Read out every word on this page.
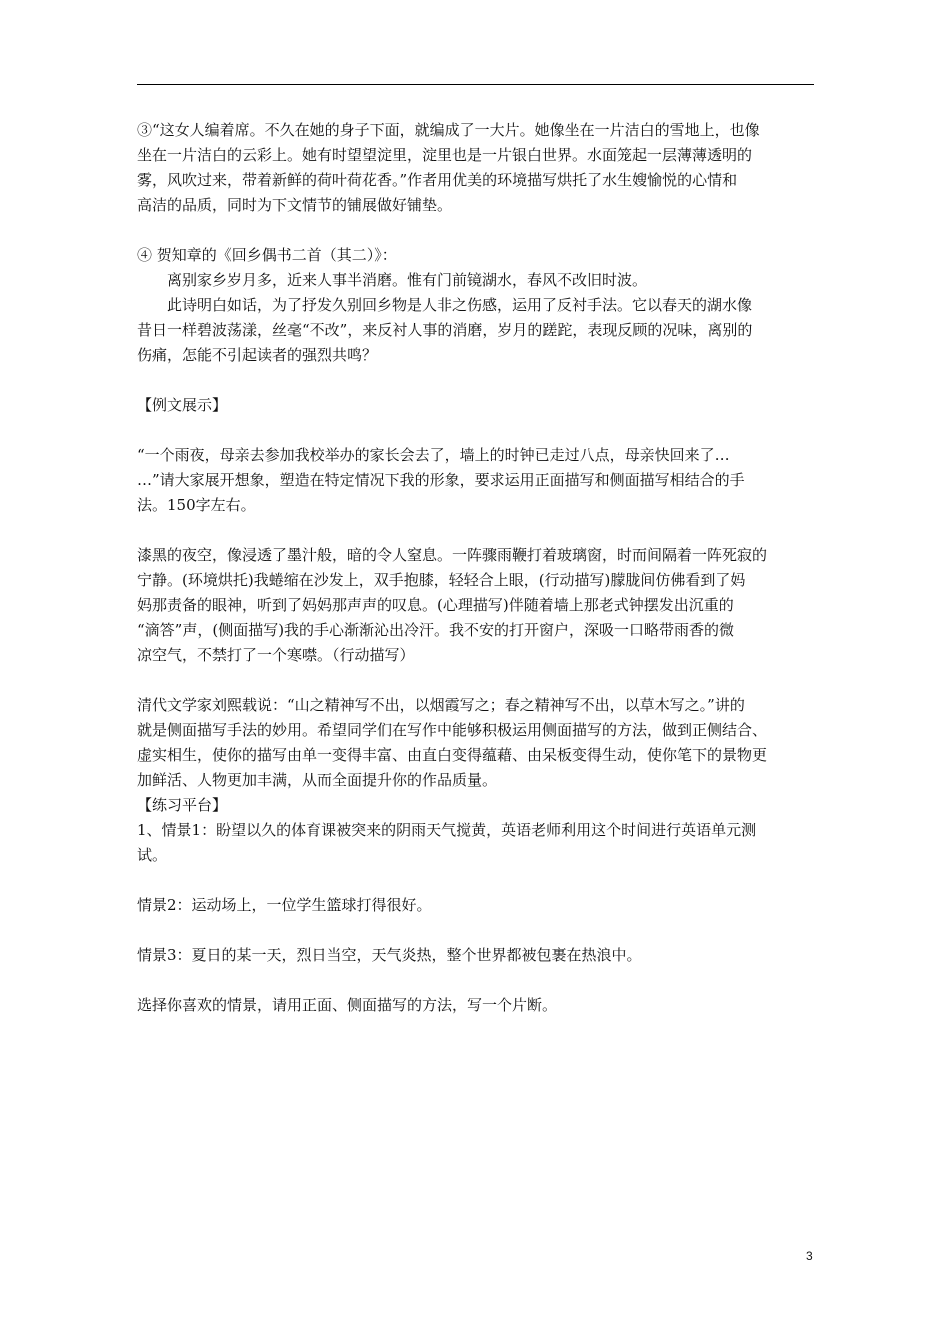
③“这女人编着席。不久在她的身子下面，就编成了一大片。她像坐在一片洁白的雪地上，也像

坐在一片洁白的云彩上。她有时望望淀里，淀里也是一片银白世界。水面笼起一层薄薄透明的

雾，风吹过来，带着新鲜的荷叶荷花香。”作者用优美的环境描写烘托了水生嫂愉悦的心情和

高洁的品质，同时为下文情节的铺展做好铺垫。

④ 贺知章的《回乡偶书二首（其二）》：

离别家乡岁月多，近来人事半消磨。惟有门前镜湖水，春风不改旧时波。

此诗明白如话，为了抒发久别回乡物是人非之伤感，运用了反衬手法。它以春天的湖水像

昔日一样碧波荡漾，丝毫“不改”，来反衬人事的消磨，岁月的蹉跎，表现反顾的况味，离别的

伤痛，怎能不引起读者的强烈共鸣？

【例文展示】

“一个雨夜，母亲去参加我校举办的家长会去了，墙上的时钟已走过八点，母亲快回来了…

…”请大家展开想象，塑造在特定情况下我的形象，要求运用正面描写和侧面描写相结合的手

法。150字左右。

漆黑的夜空，像浸透了墨汁般，暗的令人窒息。一阵骤雨鞭打着玻璃窗，时而间隔着一阵死寂的

宁静。(环境烘托)我蜷缩在沙发上，双手抱膝，轻轻合上眼，(行动描写)朦胧间仿佛看到了妈

妈那责备的眼神，听到了妈妈那声声的叹息。(心理描写)伴随着墙上那老式钟摆发出沉重的

“滴答”声，(侧面描写)我的手心渐渐沁出冷汗。我不安的打开窗户，深吸一口略带雨香的微

凉空气，不禁打了一个寒噤。（行动描写）

清代文学家刘熙载说：“山之精神写不出，以烟霞写之；春之精神写不出，以草木写之。”讲的

就是侧面描写手法的妙用。希望同学们在写作中能够积极运用侧面描写的方法，做到正侧结合、

虚实相生，使你的描写由单一变得丰富、由直白变得蕴藉、由呆板变得生动，使你笔下的景物更

加鲜活、人物更加丰满，从而全面提升你的作品质量。

【练习平台】

1、情景1：盼望以久的体育课被突来的阴雨天气搅黄，英语老师利用这个时间进行英语单元测

试。

情景2：运动场上，一位学生篮球打得很好。

情景3：夏日的某一天，烈日当空，天气炎热，整个世界都被包裹在热浪中。

选择你喜欢的情景，请用正面、侧面描写的方法，写一个片断。

3
